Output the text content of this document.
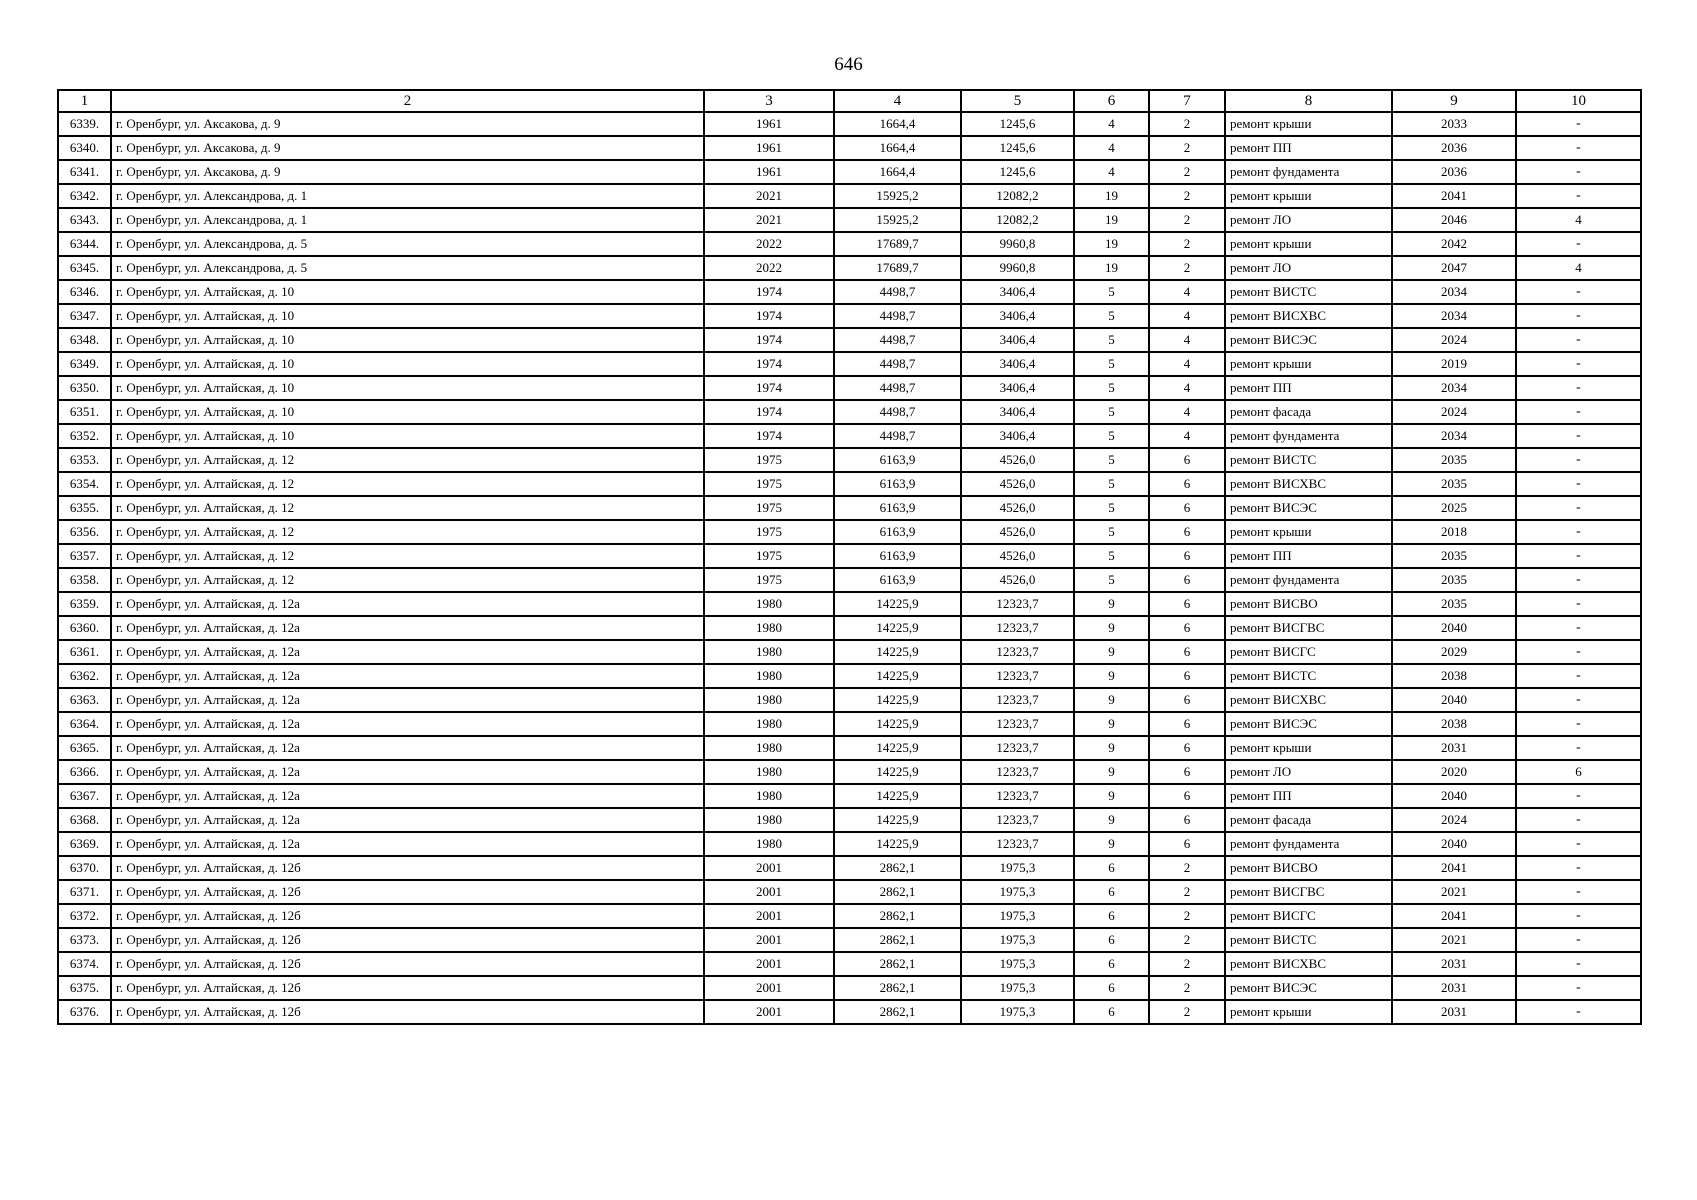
646
1	2	3	4	5	6	7	8	9	10
6339.	г. Оренбург, ул. Аксакова, д. 9	1961	1664,4	1245,6	4	2	ремонт крыши	2033	-
6340.	г. Оренбург, ул. Аксакова, д. 9	1961	1664,4	1245,6	4	2	ремонт ПП	2036	-
6341.	г. Оренбург, ул. Аксакова, д. 9	1961	1664,4	1245,6	4	2	ремонт фундамента	2036	-
6342.	г. Оренбург, ул. Александрова, д. 1	2021	15925,2	12082,2	19	2	ремонт крыши	2041	-
6343.	г. Оренбург, ул. Александрова, д. 1	2021	15925,2	12082,2	19	2	ремонт ЛО	2046	4
6344.	г. Оренбург, ул. Александрова, д. 5	2022	17689,7	9960,8	19	2	ремонт крыши	2042	-
6345.	г. Оренбург, ул. Александрова, д. 5	2022	17689,7	9960,8	19	2	ремонт ЛО	2047	4
6346.	г. Оренбург, ул. Алтайская, д. 10	1974	4498,7	3406,4	5	4	ремонт ВИСТС	2034	-
6347.	г. Оренбург, ул. Алтайская, д. 10	1974	4498,7	3406,4	5	4	ремонт ВИСХВС	2034	-
6348.	г. Оренбург, ул. Алтайская, д. 10	1974	4498,7	3406,4	5	4	ремонт ВИСЭС	2024	-
6349.	г. Оренбург, ул. Алтайская, д. 10	1974	4498,7	3406,4	5	4	ремонт крыши	2019	-
6350.	г. Оренбург, ул. Алтайская, д. 10	1974	4498,7	3406,4	5	4	ремонт ПП	2034	-
6351.	г. Оренбург, ул. Алтайская, д. 10	1974	4498,7	3406,4	5	4	ремонт фасада	2024	-
6352.	г. Оренбург, ул. Алтайская, д. 10	1974	4498,7	3406,4	5	4	ремонт фундамента	2034	-
6353.	г. Оренбург, ул. Алтайская, д. 12	1975	6163,9	4526,0	5	6	ремонт ВИСТС	2035	-
6354.	г. Оренбург, ул. Алтайская, д. 12	1975	6163,9	4526,0	5	6	ремонт ВИСХВС	2035	-
6355.	г. Оренбург, ул. Алтайская, д. 12	1975	6163,9	4526,0	5	6	ремонт ВИСЭС	2025	-
6356.	г. Оренбург, ул. Алтайская, д. 12	1975	6163,9	4526,0	5	6	ремонт крыши	2018	-
6357.	г. Оренбург, ул. Алтайская, д. 12	1975	6163,9	4526,0	5	6	ремонт ПП	2035	-
6358.	г. Оренбург, ул. Алтайская, д. 12	1975	6163,9	4526,0	5	6	ремонт фундамента	2035	-
6359.	г. Оренбург, ул. Алтайская, д. 12а	1980	14225,9	12323,7	9	6	ремонт ВИСВО	2035	-
6360.	г. Оренбург, ул. Алтайская, д. 12а	1980	14225,9	12323,7	9	6	ремонт ВИСГВС	2040	-
6361.	г. Оренбург, ул. Алтайская, д. 12а	1980	14225,9	12323,7	9	6	ремонт ВИСГС	2029	-
6362.	г. Оренбург, ул. Алтайская, д. 12а	1980	14225,9	12323,7	9	6	ремонт ВИСТС	2038	-
6363.	г. Оренбург, ул. Алтайская, д. 12а	1980	14225,9	12323,7	9	6	ремонт ВИСХВС	2040	-
6364.	г. Оренбург, ул. Алтайская, д. 12а	1980	14225,9	12323,7	9	6	ремонт ВИСЭС	2038	-
6365.	г. Оренбург, ул. Алтайская, д. 12а	1980	14225,9	12323,7	9	6	ремонт крыши	2031	-
6366.	г. Оренбург, ул. Алтайская, д. 12а	1980	14225,9	12323,7	9	6	ремонт ЛО	2020	6
6367.	г. Оренбург, ул. Алтайская, д. 12а	1980	14225,9	12323,7	9	6	ремонт ПП	2040	-
6368.	г. Оренбург, ул. Алтайская, д. 12а	1980	14225,9	12323,7	9	6	ремонт фасада	2024	-
6369.	г. Оренбург, ул. Алтайская, д. 12а	1980	14225,9	12323,7	9	6	ремонт фундамента	2040	-
6370.	г. Оренбург, ул. Алтайская, д. 12б	2001	2862,1	1975,3	6	2	ремонт ВИСВО	2041	-
6371.	г. Оренбург, ул. Алтайская, д. 12б	2001	2862,1	1975,3	6	2	ремонт ВИСГВС	2021	-
6372.	г. Оренбург, ул. Алтайская, д. 12б	2001	2862,1	1975,3	6	2	ремонт ВИСГС	2041	-
6373.	г. Оренбург, ул. Алтайская, д. 12б	2001	2862,1	1975,3	6	2	ремонт ВИСТС	2021	-
6374.	г. Оренбург, ул. Алтайская, д. 12б	2001	2862,1	1975,3	6	2	ремонт ВИСХВС	2031	-
6375.	г. Оренбург, ул. Алтайская, д. 12б	2001	2862,1	1975,3	6	2	ремонт ВИСЭС	2031	-
6376.	г. Оренбург, ул. Алтайская, д. 12б	2001	2862,1	1975,3	6	2	ремонт крыши	2031	-
